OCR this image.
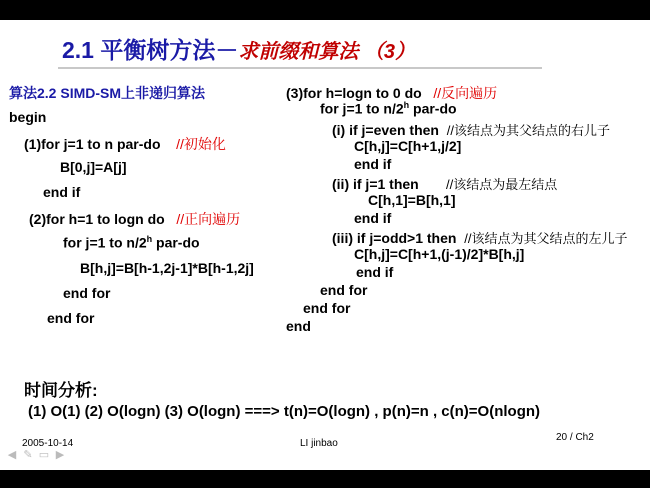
2.1 平衡树方法－求前缀和算法 （3）
算法2.2 SIMD-SM上非递归算法
begin
(1)for j=1 to n par-do //初始化
B[0,j]=A[j]
end if
(2)for h=1 to logn do //正向遍历
for j=1 to n/2$^h$ par-do
B[h,j]=B[h-1,2j-1]*B[h-1,2j]
end for
end for
(3)for h=logn to 0 do //反向遍历
for j=1 to n/2$^h$ par-do
(i) if j=even then //该结点为其父结点的右儿子
C[h,j]=C[h+1,j/2]
end if
(ii) if j=1 then //该结点为最左结点
C[h,1]=B[h,1]
end if
(iii) if j=odd>1 then //该结点为其父结点的左儿子
C[h,j]=C[h+1,(j-1)/2]*B[h,j]
end if
end for
end for
end
时间分析:
(1) O(1) (2) O(logn) (3) O(logn) ===> t(n)=O(logn) , p(n)=n , c(n)=O(nlogn)
2005-10-14	LI jinbao
20 / Ch2
◀ ✎ ▭ ▶
